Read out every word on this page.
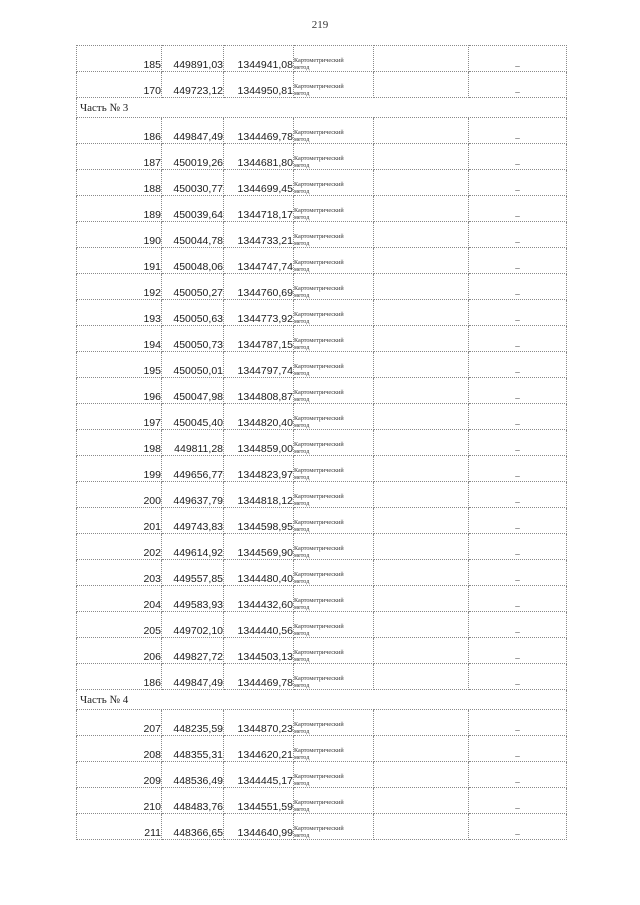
219
185	449891,03	1344941,08	Картометрический
метод		–
170	449723,12	1344950,81	Картометрический
метод		–
Часть № 3					
186	449847,49	1344469,78	Картометрический
метод		–
187	450019,26	1344681,80	Картометрический
метод		–
188	450030,77	1344699,45	Картометрический
метод		–
189	450039,64	1344718,17	Картометрический
метод		–
190	450044,78	1344733,21	Картометрический
метод		–
191	450048,06	1344747,74	Картометрический
метод		–
192	450050,27	1344760,69	Картометрический
метод		–
193	450050,63	1344773,92	Картометрический
метод		–
194	450050,73	1344787,15	Картометрический
метод		–
195	450050,01	1344797,74	Картометрический
метод		–
196	450047,98	1344808,87	Картометрический
метод		–
197	450045,40	1344820,40	Картометрический
метод		–
198	449811,28	1344859,00	Картометрический
метод		–
199	449656,77	1344823,97	Картометрический
метод		–
200	449637,79	1344818,12	Картометрический
метод		–
201	449743,83	1344598,95	Картометрический
метод		–
202	449614,92	1344569,90	Картометрический
метод		–
203	449557,85	1344480,40	Картометрический
метод		–
204	449583,93	1344432,60	Картометрический
метод		–
205	449702,10	1344440,56	Картометрический
метод		–
206	449827,72	1344503,13	Картометрический
метод		–
186	449847,49	1344469,78	Картометрический
метод		–
Часть № 4					
207	448235,59	1344870,23	Картометрический
метод		–
208	448355,31	1344620,21	Картометрический
метод		–
209	448536,49	1344445,17	Картометрический
метод		–
210	448483,76	1344551,59	Картометрический
метод		–
211	448366,65	1344640,99	Картометрический
метод		–
